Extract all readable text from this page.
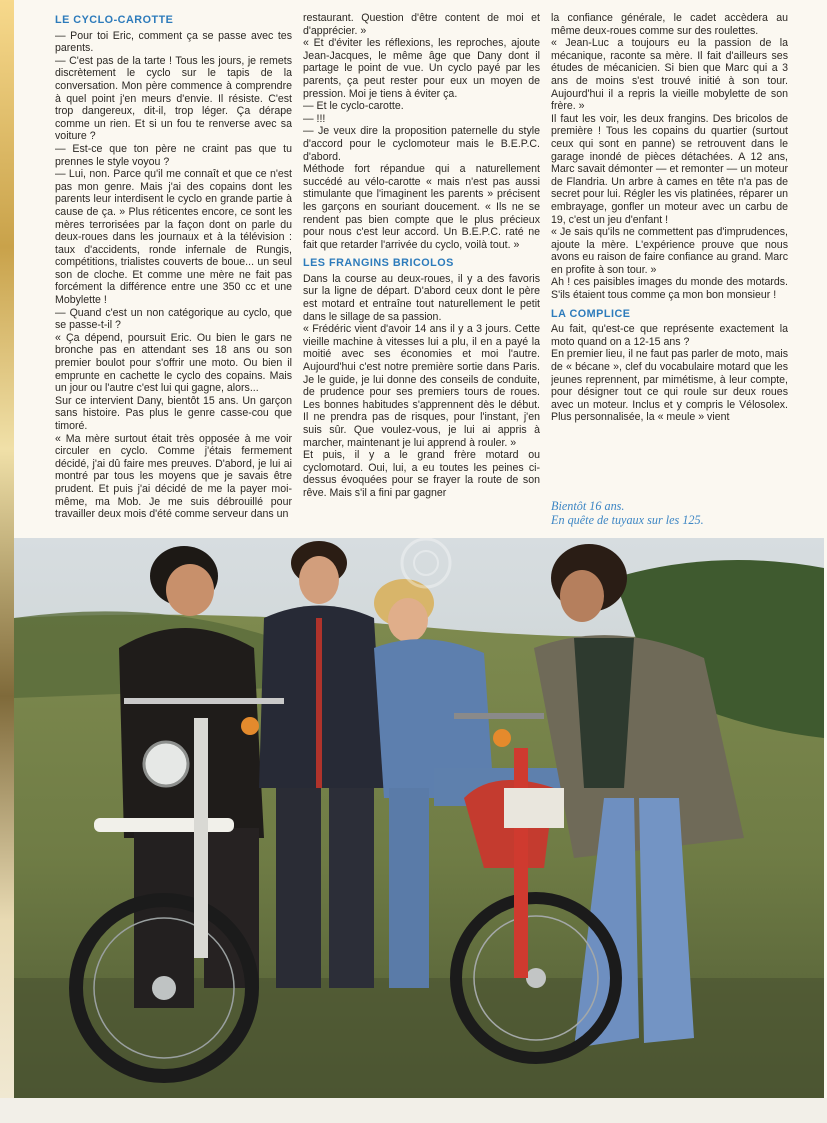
LE CYCLO-CAROTTE

— Pour toi Eric, comment ça se passe avec tes parents.

— C'est pas de la tarte ! Tous les jours, je remets discrètement le cyclo sur le tapis de la conversation. Mon père commence à comprendre à quel point j'en meurs d'envie. Il résiste. C'est trop dangereux, dit-il, trop léger. Ça dérape comme un rien. Et si un fou te renverse avec sa voiture ?

— Est-ce que ton père ne craint pas que tu prennes le style voyou ?

— Lui, non. Parce qu'il me connaît et que ce n'est pas mon genre. Mais j'ai des copains dont les parents leur interdisent le cyclo en grande partie à cause de ça. » Plus réticentes encore, ce sont les mères terrorisées par la façon dont on parle du deux-roues dans les journaux et à la télévision : taux d'accidents, ronde infernale de Rungis, compétitions, trialistes couverts de boue... un seul son de cloche. Et comme une mère ne fait pas forcément la différence entre une 350 cc et une Mobylette !

— Quand c'est un non catégorique au cyclo, que se passe-t-il ?

« Ça dépend, poursuit Eric. Ou bien le gars ne bronche pas en attendant ses 18 ans ou son premier boulot pour s'offrir une moto. Ou bien il emprunte en cachette le cyclo des copains. Mais un jour ou l'autre c'est lui qui gagne, alors...

Sur ce intervient Dany, bientôt 15 ans. Un garçon sans histoire. Pas plus le genre casse-cou que timoré.

« Ma mère surtout était très opposée à me voir circuler en cyclo. Comme j'étais fermement décidé, j'ai dû faire mes preuves. D'abord, je lui ai montré par tous les moyens que je savais être prudent. Et puis j'ai décidé de me la payer moi-même, ma Mob. Je me suis débrouillé pour travailler deux mois d'été comme serveur dans un

restaurant. Question d'être content de moi et d'apprécier. »

« Et d'éviter les réflexions, les reproches, ajoute Jean-Jacques, le même âge que Dany dont il partage le point de vue. Un cyclo payé par les parents, ça peut rester pour eux un moyen de pression. Moi je tiens à éviter ça.

— Et le cyclo-carotte.

— !!!

— Je veux dire la proposition paternelle du style d'accord pour le cyclomoteur mais le B.E.P.C. d'abord.

Méthode fort répandue qui a naturellement succédé au vélo-carotte « mais n'est pas aussi stimulante que l'imaginent les parents » précisent les garçons en souriant doucement. « Ils ne se rendent pas bien compte que le plus précieux pour nous c'est leur accord. Un B.E.P.C. raté ne fait que retarder l'arrivée du cyclo, voilà tout. »

LES FRANGINS BRICOLOS

Dans la course au deux-roues, il y a des favoris sur la ligne de départ. D'abord ceux dont le père est motard et entraîne tout naturellement le petit dans le sillage de sa passion.

« Frédéric vient d'avoir 14 ans il y a 3 jours. Cette vieille machine à vitesses lui a plu, il en a payé la moitié avec ses économies et moi l'autre. Aujourd'hui c'est notre première sortie dans Paris. Je le guide, je lui donne des conseils de conduite, de prudence pour ses premiers tours de roues. Les bonnes habitudes s'apprennent dès le début. Il ne prendra pas de risques, pour l'instant, j'en suis sûr. Que voulez-vous, je lui ai appris à marcher, maintenant je lui apprend à rouler. »

Et puis, il y a le grand frère motard ou cyclomotard. Oui, lui, a eu toutes les peines ci-dessus évoquées pour se frayer la route de son rêve. Mais s'il a fini par gagner

la confiance générale, le cadet accèdera au même deux-roues comme sur des roulettes.

« Jean-Luc a toujours eu la passion de la mécanique, raconte sa mère. Il fait d'ailleurs ses études de mécanicien. Si bien que Marc qui a 3 ans de moins s'est trouvé initié à son tour. Aujourd'hui il a repris la vieille mobylette de son frère. »

Il faut les voir, les deux frangins. Des bricolos de première ! Tous les copains du quartier (surtout ceux qui sont en panne) se retrouvent dans le garage inondé de pièces détachées. A 12 ans, Marc savait démonter — et remonter — un moteur de Flandria. Un arbre à cames en tête n'a pas de secret pour lui. Régler les vis platinées, réparer un embrayage, gonfler un moteur avec un carbu de 19, c'est un jeu d'enfant !

« Je sais qu'ils ne commettent pas d'imprudences, ajoute la mère. L'expérience prouve que nous avons eu raison de faire confiance au grand. Marc en profite à son tour. »

Ah ! ces paisibles images du monde des motards. S'ils étaient tous comme ça mon bon monsieur !

LA COMPLICE

Au fait, qu'est-ce que représente exactement la moto quand on a 12-15 ans ?

En premier lieu, il ne faut pas parler de moto, mais de « bécane », clef du vocabulaire motard que les jeunes reprennent, par mimétisme, à leur compte, pour désigner tout ce qui roule sur deux roues avec un moteur. Inclus et y compris le Vélosolex. Plus personnalisée, la « meule » vient

Bientôt 16 ans.

En quête de tuyaux sur les 125.
